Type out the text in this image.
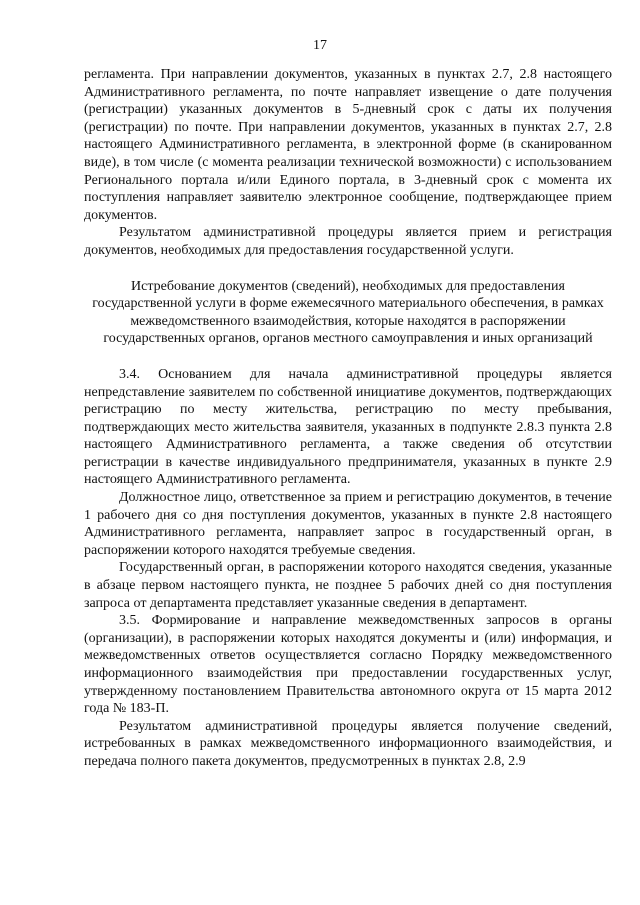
17

регламента. При направлении документов, указанных в пунктах 2.7, 2.8 настоящего Административного регламента, по почте направляет извещение о дате получения (регистрации) указанных документов в 5-дневный срок с даты их получения (регистрации) по почте. При направлении документов, указанных в пунктах 2.7, 2.8 настоящего Административного регламента, в электронной форме (в сканированном виде), в том числе (с момента реализации технической возможности) с использованием Регионального портала и/или Единого портала, в 3-дневный срок с момента их поступления направляет заявителю электронное сообщение, подтверждающее прием документов.

Результатом административной процедуры является прием и регистрация документов, необходимых для предоставления государственной услуги.

Истребование документов (сведений), необходимых для предоставления государственной услуги в форме ежемесячного материального обеспечения, в рамках межведомственного взаимодействия, которые находятся в распоряжении государственных органов, органов местного самоуправления и иных организаций

3.4. Основанием для начала административной процедуры является непредставление заявителем по собственной инициативе документов, подтверждающих регистрацию по месту жительства, регистрацию по месту пребывания, подтверждающих место жительства заявителя, указанных в подпункте 2.8.3 пункта 2.8 настоящего Административного регламента, а также сведения об отсутствии регистрации в качестве индивидуального предпринимателя, указанных в пункте 2.9 настоящего Административного регламента.

Должностное лицо, ответственное за прием и регистрацию документов, в течение 1 рабочего дня со дня поступления документов, указанных в пункте 2.8 настоящего Административного регламента, направляет запрос в государственный орган, в распоряжении которого находятся требуемые сведения.

Государственный орган, в распоряжении которого находятся сведения, указанные в абзаце первом настоящего пункта, не позднее 5 рабочих дней со дня поступления запроса от департамента представляет указанные сведения в департамент.

3.5. Формирование и направление межведомственных запросов в органы (организации), в распоряжении которых находятся документы и (или) информация, и межведомственных ответов осуществляется согласно Порядку межведомственного информационного взаимодействия при предоставлении государственных услуг, утвержденному постановлением Правительства автономного округа от 15 марта 2012 года № 183-П.

Результатом административной процедуры является получение сведений, истребованных в рамках межведомственного информационного взаимодействия, и передача полного пакета документов, предусмотренных в пунктах 2.8, 2.9
